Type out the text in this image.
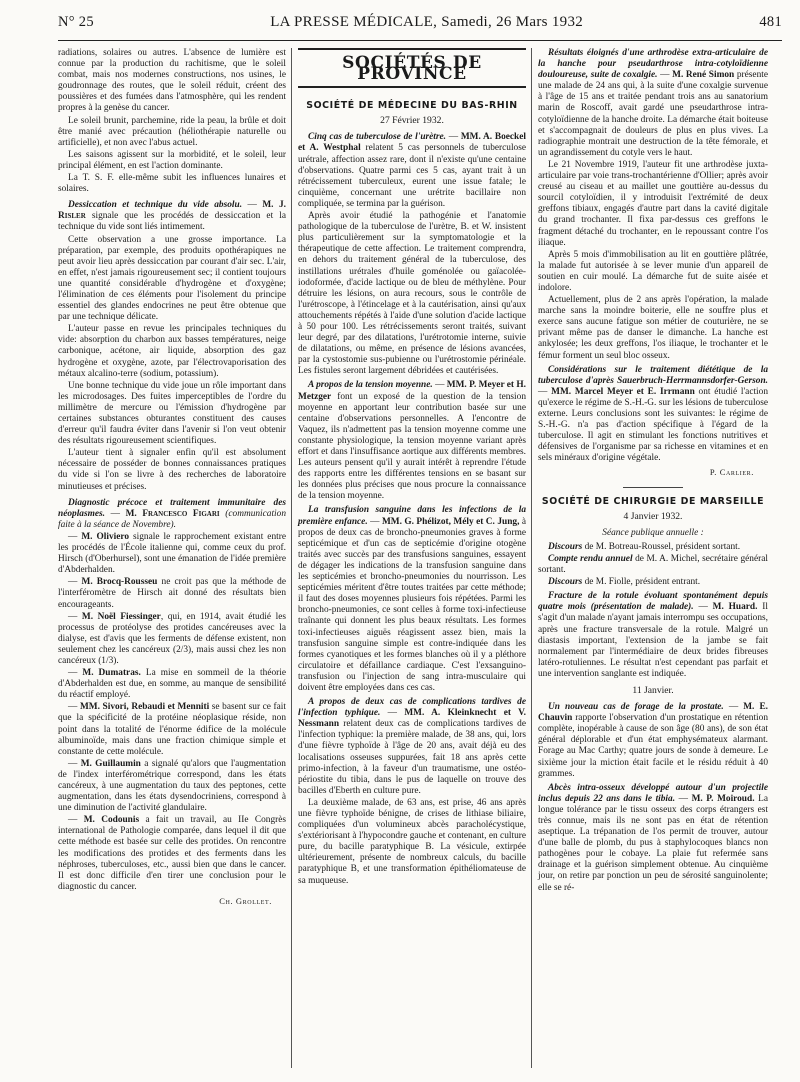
N° 25	LA PRESSE MÉDICALE, Samedi, 26 Mars 1932	481

radiations, solaires ou autres. L'absence de lumière est connue par la production du rachitisme, que le soleil combat, mais nos modernes constructions, nos usines, le goudronnage des routes, que le soleil réduit, créent des poussières et des fumées dans l'atmosphère, qui les rendent propres à la genèse du cancer.

Le soleil brunit, parchemine, ride la peau, la brûle et doit être manié avec précaution (héliothérapie naturelle ou artificielle), et non avec l'abus actuel.

Les saisons agissent sur la morbidité, et le soleil, leur principal élément, en est l'action dominante.

La T. S. F. elle-même subit les influences lunaires et solaires.

Dessiccation et technique du vide absolu. — M. J. Risler signale que les procédés de dessiccation et la technique du vide sont liés intimement.

Cette observation a une grosse importance. La préparation, par exemple, des produits opothérapiques ne peut avoir lieu après dessiccation par courant d'air sec. L'air, en effet, n'est jamais rigoureusement sec; il contient toujours une quantité considérable d'hydrogène et d'oxygène; l'élimination de ces éléments pour l'isolement du principe essentiel des glandes endocrines ne peut être obtenue que par une technique délicate.

L'auteur passe en revue les principales techniques du vide: absorption du charbon aux basses températures, neige carbonique, acétone, air liquide, absorption des gaz hydrogène et oxygène, azote, par l'électrovaporisation des métaux alcalino-terre (sodium, potassium).

Une bonne technique du vide joue un rôle important dans les microdosages. Des fuites imperceptibles de l'ordre du millimètre de mercure ou l'émission d'hydrogène par certaines substances obturantes constituent des causes d'erreur qu'il faudra éviter dans l'avenir si l'on veut obtenir des résultats rigoureusement scientifiques.

L'auteur tient à signaler enfin qu'il est absolument nécessaire de posséder de bonnes connaissances pratiques du vide si l'on se livre à des recherches de laboratoire minutieuses et précises.

Diagnostic précoce et traitement immunitaire des néoplasmes. — M. Francesco Figari (communication faite à la séance de Novembre).

— M. Oliviero signale le rapprochement existant entre les procédés de l'École italienne qui, comme ceux du prof. Hirsch (d'Oberhursel), sont une émanation de l'idée première d'Abderhalden.

— M. Brocq-Rousseu ne croit pas que la méthode de l'interféromètre de Hirsch ait donné des résultats bien encourageants.

— M. Noël Fiessinger, qui, en 1914, avait étudié les processus de protéolyse des protides cancéreuses avec la dialyse, est d'avis que les ferments de défense existent, non seulement chez les cancéreux (2/3), mais aussi chez les non cancéreux (1/3).

— M. Dumatras. La mise en sommeil de la théorie d'Abderhalden est due, en somme, au manque de sensibilité du réactif employé.

— MM. Sivori, Rebaudi et Menniti se basent sur ce fait que la spécificité de la protéine néoplasique réside, non point dans la totalité de l'énorme édifice de la molécule albuminoïde, mais dans une fraction chimique simple et constante de cette molécule.

— M. Guillaumin a signalé qu'alors que l'augmentation de l'index interférométrique correspond, dans les états cancéreux, à une augmentation du taux des peptones, cette augmentation, dans les états dysendocriniens, correspond à une diminution de l'activité glandulaire.

— M. Codounis a fait un travail, au IIe Congrès international de Pathologie comparée, dans lequel il dit que cette méthode est basée sur celle des protides. On rencontre les modifications des protides et des ferments dans les néphroses, tuberculoses, etc., aussi bien que dans le cancer. Il est donc difficile d'en tirer une conclusion pour le diagnostic du cancer.

Ch. Grollet.
SOCIÉTÉS DE PROVINCE
SOCIÉTÉ DE MÉDECINE DU BAS-RHIN
27 Février 1932.

Cinq cas de tuberculose de l'urètre. — MM. A. Boeckel et A. Westphal relatent 5 cas personnels de tuberculose urétrale, affection assez rare, dont il n'existe qu'une centaine d'observations. Quatre parmi ces 5 cas, ayant trait à un rétrécissement tuberculeux, eurent une issue fatale; le cinquième, concernant une urétrite bacillaire non compliquée, se termina par la guérison.

Après avoir étudié la pathogénie et l'anatomie pathologique de la tuberculose de l'urètre, B. et W. insistent plus particulièrement sur la symptomatologie et la thérapeutique de cette affection. Le traitement comprendra, en dehors du traitement général de la tuberculose, des instillations urétrales d'huile goménolée ou gaïacolée-iodoformée, d'acide lactique ou de bleu de méthylène. Pour détruire les lésions, on aura recours, sous le contrôle de l'urétroscope, à l'étincelage et à la cautérisation, ainsi qu'aux attouchements répétés à l'aide d'une solution d'acide lactique à 50 pour 100. Les rétrécissements seront traités, suivant leur degré, par des dilatations, l'urétrotomie interne, suivie de dilatations, ou même, en présence de lésions avancées, par la cystostomie sus-pubienne ou l'urétrostomie périnéale. Les fistules seront largement débridées et cautérisées.

A propos de la tension moyenne. — MM. P. Meyer et H. Metzger font un exposé de la question de la tension moyenne en apportant leur contribution basée sur une centaine d'observations personnelles. A l'encontre de Vaquez, ils n'admettent pas la tension moyenne comme une constante physiologique, la tension moyenne variant après effort et dans l'insuffisance aortique aux différents membres. Les auteurs pensent qu'il y aurait intérêt à reprendre l'étude des rapports entre les différentes tensions en se basant sur les données plus précises que nous procure la connaissance de la tension moyenne.

La transfusion sanguine dans les infections de la première enfance. — MM. G. Phélizot, Mély et C. Jung, à propos de deux cas de broncho-pneumonies graves à forme septicémique et d'un cas de septicémie d'origine otogène traités avec succès par des transfusions sanguines, essayent de dégager les indications de la transfusion sanguine dans les septicémies et broncho-pneumonies du nourrisson. Les septicémies méritent d'être toutes traitées par cette méthode; il faut des doses moyennes plusieurs fois répétées. Parmi les broncho-pneumonies, ce sont celles à forme toxi-infectieuse traînante qui donnent les plus beaux résultats. Les formes toxi-infectieuses aiguës réagissent assez bien, mais la transfusion sanguine simple est contre-indiquée dans les formes cyanotiques et les formes blanches où il y a pléthore circulatoire et défaillance cardiaque. C'est l'exsanguino-transfusion ou l'injection de sang intra-musculaire qui doivent être employées dans ces cas.

A propos de deux cas de complications tardives de l'infection typhique. — MM. A. Kleinknecht et V. Nessmann relatent deux cas de complications tardives de l'infection typhique: la première malade, de 38 ans, qui, lors d'une fièvre typhoïde à l'âge de 20 ans, avait déjà eu des localisations osseuses suppurées, fait 18 ans après cette primo-infection, à la faveur d'un traumatisme, une ostéo-périostite du tibia, dans le pus de laquelle on trouve des bacilles d'Eberth en culture pure.

La deuxième malade, de 63 ans, est prise, 46 ans après une fièvre typhoïde bénigne, de crises de lithiase biliaire, compliquées d'un volumineux abcès paracholécystique, s'extériorisant à l'hypocondre gauche et contenant, en culture pure, du bacille paratyphique B. La vésicule, extirpée ultérieurement, présente de nombreux calculs, du bacille paratyphique B, et une transformation épithéliomateuse de sa muqueuse.

Résultats éloignés d'une arthrodèse extra-articulaire de la hanche pour pseudarthrose intra-cotyloïdienne douloureuse, suite de coxalgie. — M. René Simon présente une malade de 24 ans qui, à la suite d'une coxalgie survenue à l'âge de 15 ans et traitée pendant trois ans au sanatorium marin de Roscoff, avait gardé une pseudarthrose intra-cotyloïdienne de la hanche droite. La démarche était boiteuse et s'accompagnait de douleurs de plus en plus vives. La radiographie montrait une destruction de la tête fémorale, et un agrandissement du cotyle vers le haut.

Le 21 Novembre 1919, l'auteur fit une arthrodèse juxta-articulaire par voie trans-trochantérienne d'Ollier; après avoir creusé au ciseau et au maillet une gouttière au-dessus du sourcil cotyloïdien, il y introduisit l'extrémité de deux greffons tibiaux, engagés d'autre part dans la cavité digitale du grand trochanter. Il fixa par-dessus ces greffons le fragment détaché du trochanter, en le repoussant contre l'os iliaque.

Après 5 mois d'immobilisation au lit en gouttière plâtrée, la malade fut autorisée à se lever munie d'un appareil de soutien en cuir moulé. La démarche fut de suite aisée et indolore.

Actuellement, plus de 2 ans après l'opération, la malade marche sans la moindre boiterie, elle ne souffre plus et exerce sans aucune fatigue son métier de couturière, ne se privant même pas de danser le dimanche. La hanche est ankylosée; les deux greffons, l'os iliaque, le trochanter et le fémur forment un seul bloc osseux.

Considérations sur le traitement diététique de la tuberculose d'après Sauerbruch-Herrmannsdorfer-Gerson. — MM. Marcel Meyer et E. Irrmann ont étudié l'action qu'exerce le régime de S.-H.-G. sur les lésions de tuberculose externe. Leurs conclusions sont les suivantes: le régime de S.-H.-G. n'a pas d'action spécifique à l'égard de la tuberculose. Il agit en stimulant les fonctions nutritives et défensives de l'organisme par sa richesse en vitamines et en sels minéraux d'origine végétale.

P. Carlier.
SOCIÉTÉ DE CHIRURGIE DE MARSEILLE
4 Janvier 1932.
Séance publique annuelle :

Discours de M. Botreau-Roussel, président sortant.

Compte rendu annuel de M. A. Michel, secrétaire général sortant.

Discours de M. Fiolle, président entrant.

Fracture de la rotule évoluant spontanément depuis quatre mois (présentation de malade). — M. Huard. Il s'agit d'un malade n'ayant jamais interrompu ses occupations, après une fracture transversale de la rotule. Malgré un diastasis important, l'extension de la jambe se fait normalement par l'intermédiaire de deux brides fibreuses latéro-rotuliennes. Le résultat n'est cependant pas parfait et une intervention sanglante est indiquée.

11 Janvier.

Un nouveau cas de forage de la prostate. — M. E. Chauvin rapporte l'observation d'un prostatique en rétention complète, inopérable à cause de son âge (80 ans), de son état général déplorable et d'un état emphysémateux alarmant. Forage au Mac Carthy; quatre jours de sonde à demeure. Le sixième jour la miction était facile et le résidu réduit à 40 grammes.

Abcès intra-osseux développé autour d'un projectile inclus depuis 22 ans dans le tibia. — M. P. Moiroud. La longue tolérance par le tissu osseux des corps étrangers est très connue, mais ils ne sont pas en état de rétention aseptique. La trépanation de l'os permit de trouver, autour d'une balle de plomb, du pus à staphylocoques blancs non pathogènes pour le cobaye. La plaie fut refermée sans drainage et la guérison simplement obtenue. Au cinquième jour, on retire par ponction un peu de sérosité sanguinolente; elle se ré-
